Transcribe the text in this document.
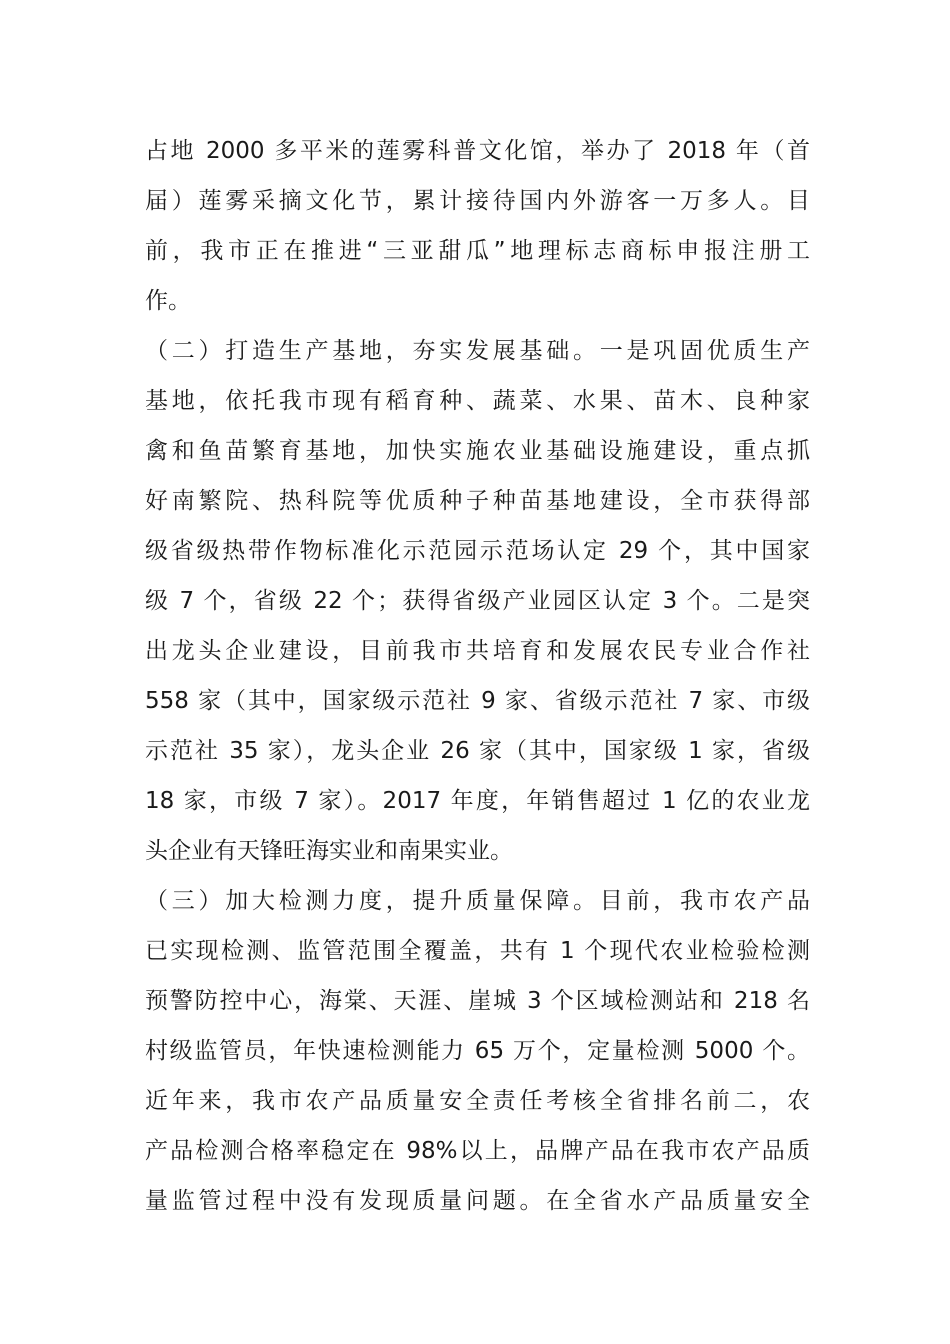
占地 2000 多平米的莲雾科普文化馆，举办了 2018 年（首
届）莲雾采摘文化节，累计接待国内外游客一万多人。目
前，我市正在推进“三亚甜瓜”地理标志商标申报注册工
作。
（二）打造生产基地，夯实发展基础。一是巩固优质生产
基地，依托我市现有稻育种、蔬菜、水果、苗木、良种家
禽和鱼苗繁育基地，加快实施农业基础设施建设，重点抓
好南繁院、热科院等优质种子种苗基地建设，全市获得部
级省级热带作物标准化示范园示范场认定 29 个，其中国家
级 7 个，省级 22 个；获得省级产业园区认定 3 个。二是突
出龙头企业建设，目前我市共培育和发展农民专业合作社
558 家（其中，国家级示范社 9 家、省级示范社 7 家、市级
示范社 35 家），龙头企业 26 家（其中，国家级 1 家，省级
18 家，市级 7 家）。2017 年度，年销售超过 1 亿的农业龙
头企业有天锋旺海实业和南果实业。
（三）加大检测力度，提升质量保障。目前，我市农产品
已实现检测、监管范围全覆盖，共有 1 个现代农业检验检测
预警防控中心，海棠、天涯、崖城 3 个区域检测站和 218 名
村级监管员，年快速检测能力 65 万个，定量检测 5000 个。
近年来，我市农产品质量安全责任考核全省排名前二，农
产品检测合格率稳定在 98%以上，品牌产品在我市农产品质
量监管过程中没有发现质量问题。在全省水产品质量安全
